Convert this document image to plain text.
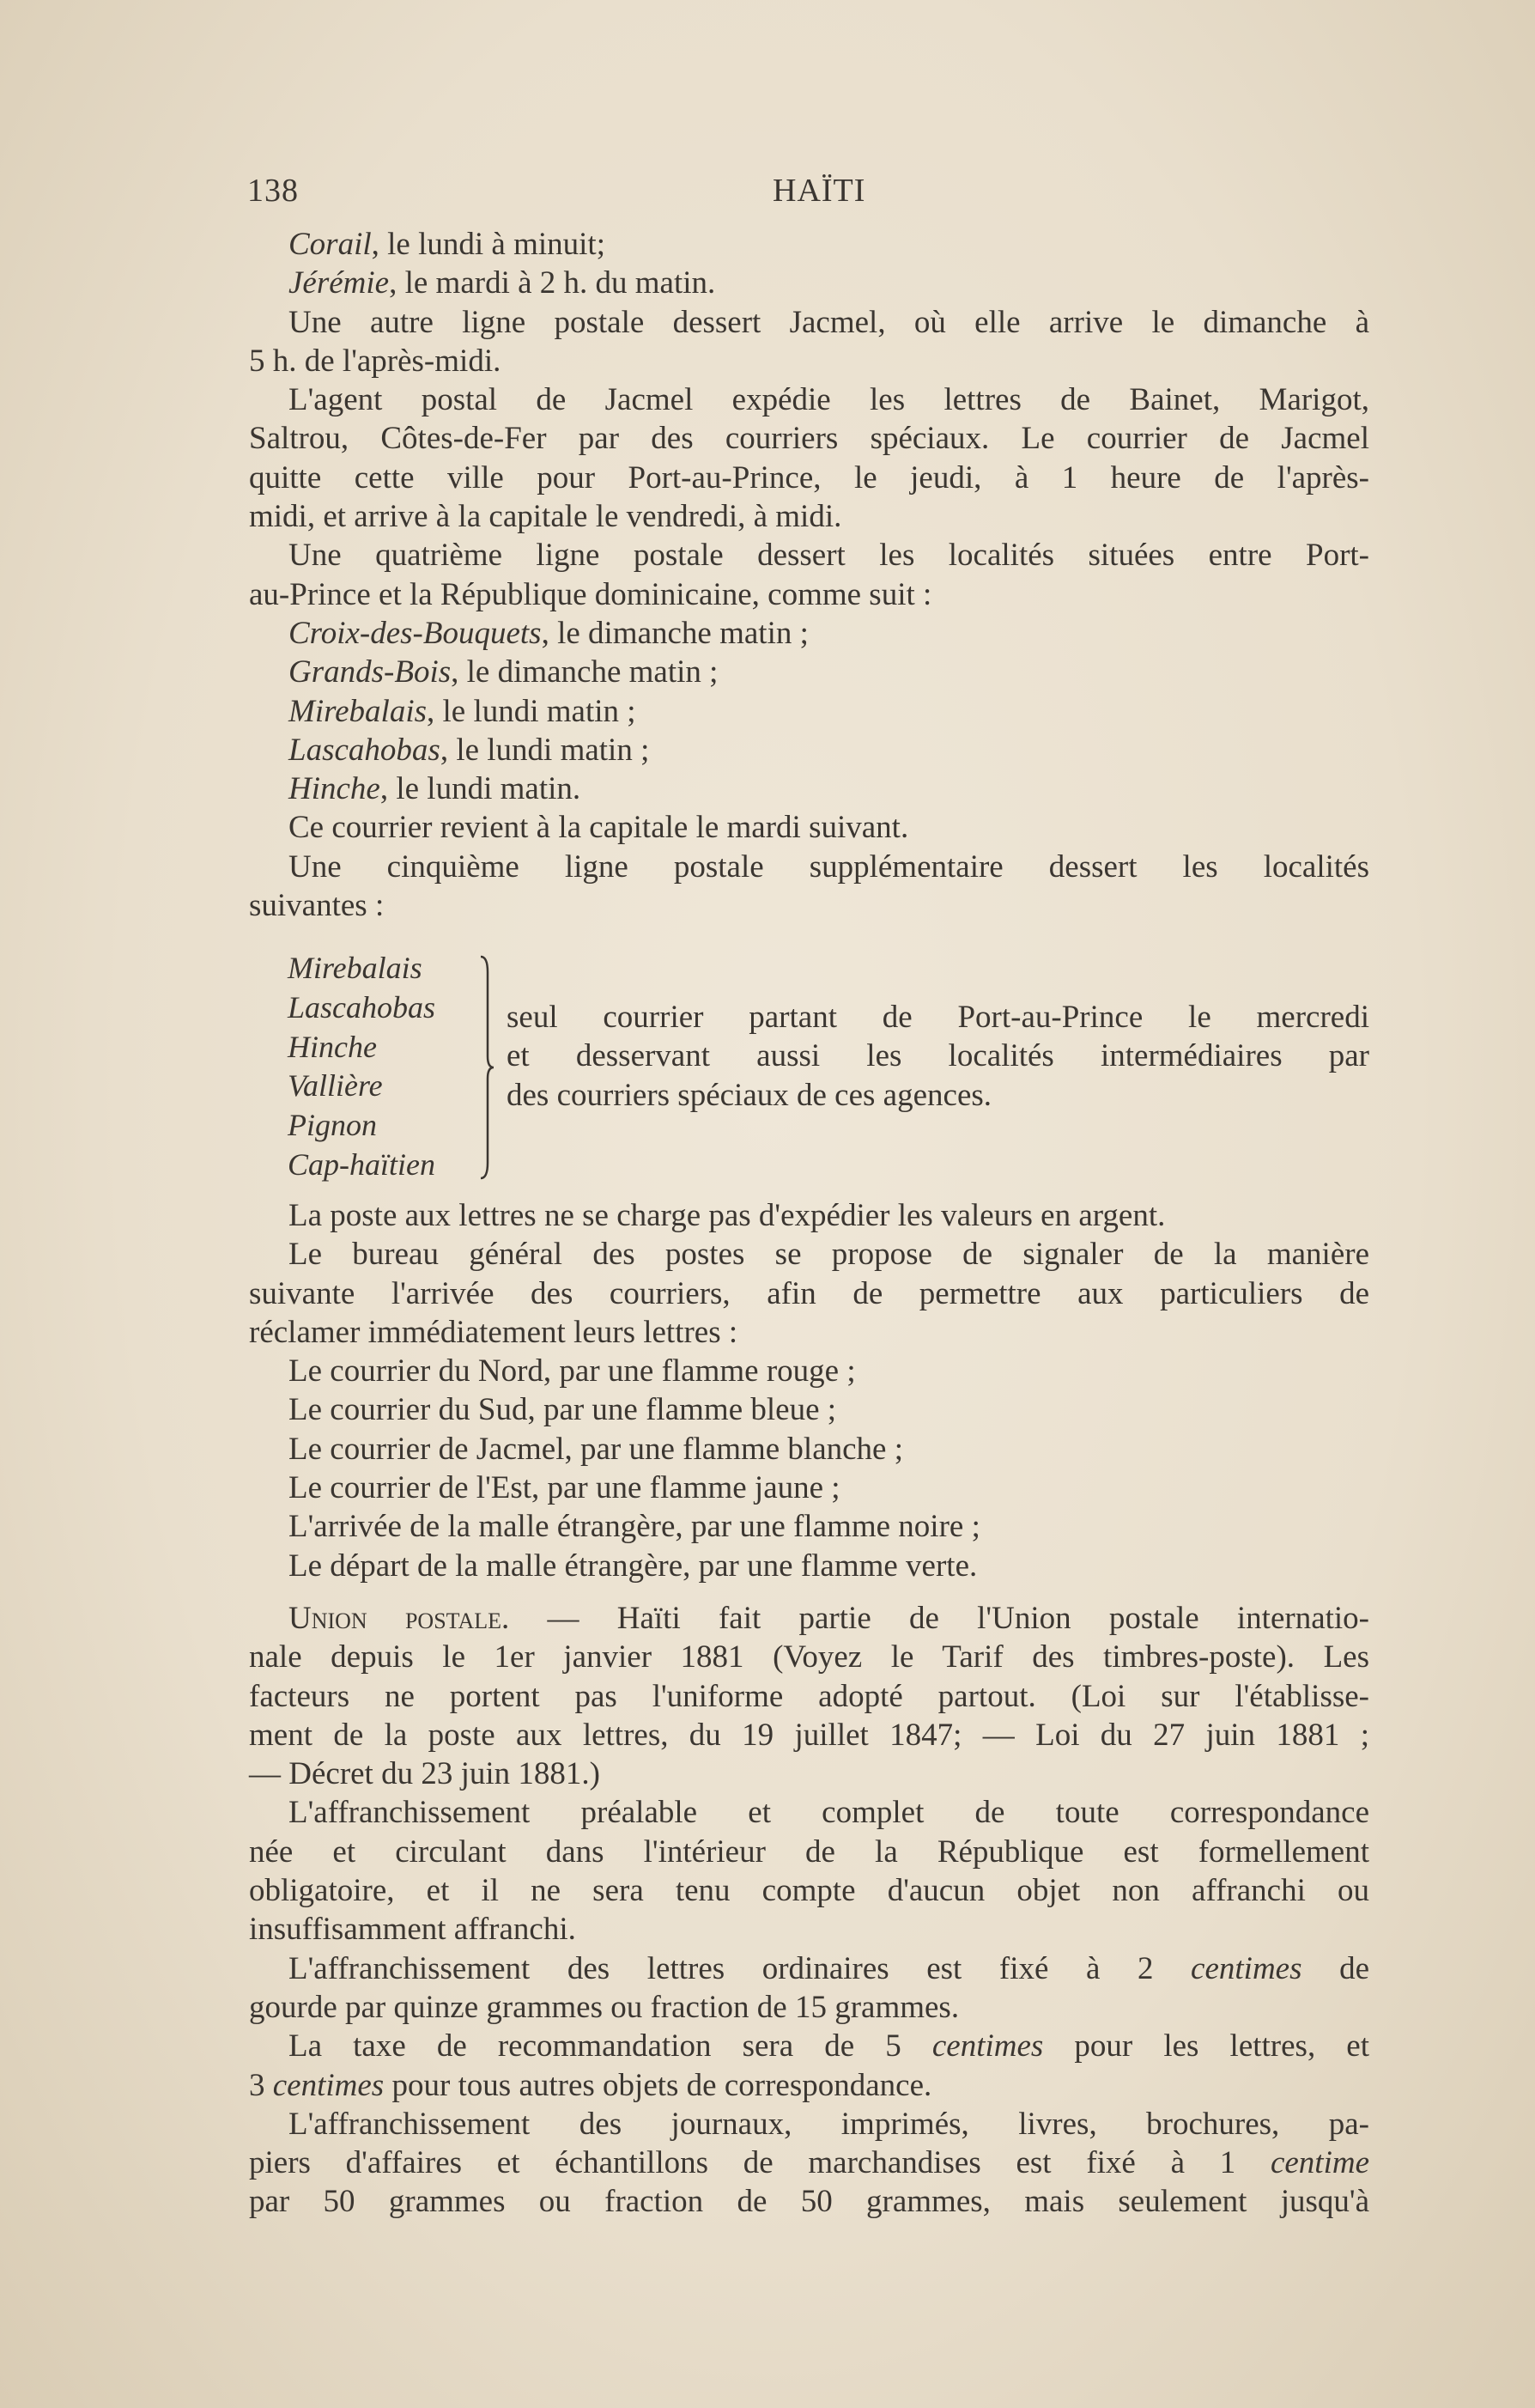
138	HAÏTI
Corail, le lundi à minuit;
Jérémie, le mardi à 2 h. du matin.
Une autre ligne postale dessert Jacmel, où elle arrive le dimanche à
5 h. de l'après-midi.
L'agent postal de Jacmel expédie les lettres de Bainet, Marigot,
Saltrou, Côtes-de-Fer par des courriers spéciaux. Le courrier de Jacmel
quitte cette ville pour Port-au-Prince, le jeudi, à 1 heure de l'après-
midi, et arrive à la capitale le vendredi, à midi.
Une quatrième ligne postale dessert les localités situées entre Port-
au-Prince et la République dominicaine, comme suit :
Croix-des-Bouquets, le dimanche matin ;
Grands-Bois, le dimanche matin ;
Mirebalais, le lundi matin ;
Lascahobas, le lundi matin ;
Hinche, le lundi matin.
Ce courrier revient à la capitale le mardi suivant.
Une cinquième ligne postale supplémentaire dessert les localités
suivantes :
Mirebalais
Lascahobas
Hinche
Vallière
Pignon
Cap-haïtien
seul courrier partant de Port-au-Prince le mercredi
et desservant aussi les localités intermédiaires par
des courriers spéciaux de ces agences.
La poste aux lettres ne se charge pas d'expédier les valeurs en argent.
Le bureau général des postes se propose de signaler de la manière
suivante l'arrivée des courriers, afin de permettre aux particuliers de
réclamer immédiatement leurs lettres :
Le courrier du Nord, par une flamme rouge ;
Le courrier du Sud, par une flamme bleue ;
Le courrier de Jacmel, par une flamme blanche ;
Le courrier de l'Est, par une flamme jaune ;
L'arrivée de la malle étrangère, par une flamme noire ;
Le départ de la malle étrangère, par une flamme verte.
Union postale. — Haïti fait partie de l'Union postale internatio-
nale depuis le 1er janvier 1881 (Voyez le Tarif des timbres-poste). Les
facteurs ne portent pas l'uniforme adopté partout. (Loi sur l'établisse-
ment de la poste aux lettres, du 19 juillet 1847; — Loi du 27 juin 1881 ;
— Décret du 23 juin 1881.)
L'affranchissement préalable et complet de toute correspondance
née et circulant dans l'intérieur de la République est formellement
obligatoire, et il ne sera tenu compte d'aucun objet non affranchi ou
insuffisamment affranchi.
L'affranchissement des lettres ordinaires est fixé à 2 centimes de
gourde par quinze grammes ou fraction de 15 grammes.
La taxe de recommandation sera de 5 centimes pour les lettres, et
3 centimes pour tous autres objets de correspondance.
L'affranchissement des journaux, imprimés, livres, brochures, pa-
piers d'affaires et échantillons de marchandises est fixé à 1 centime
par 50 grammes ou fraction de 50 grammes, mais seulement jusqu'à
